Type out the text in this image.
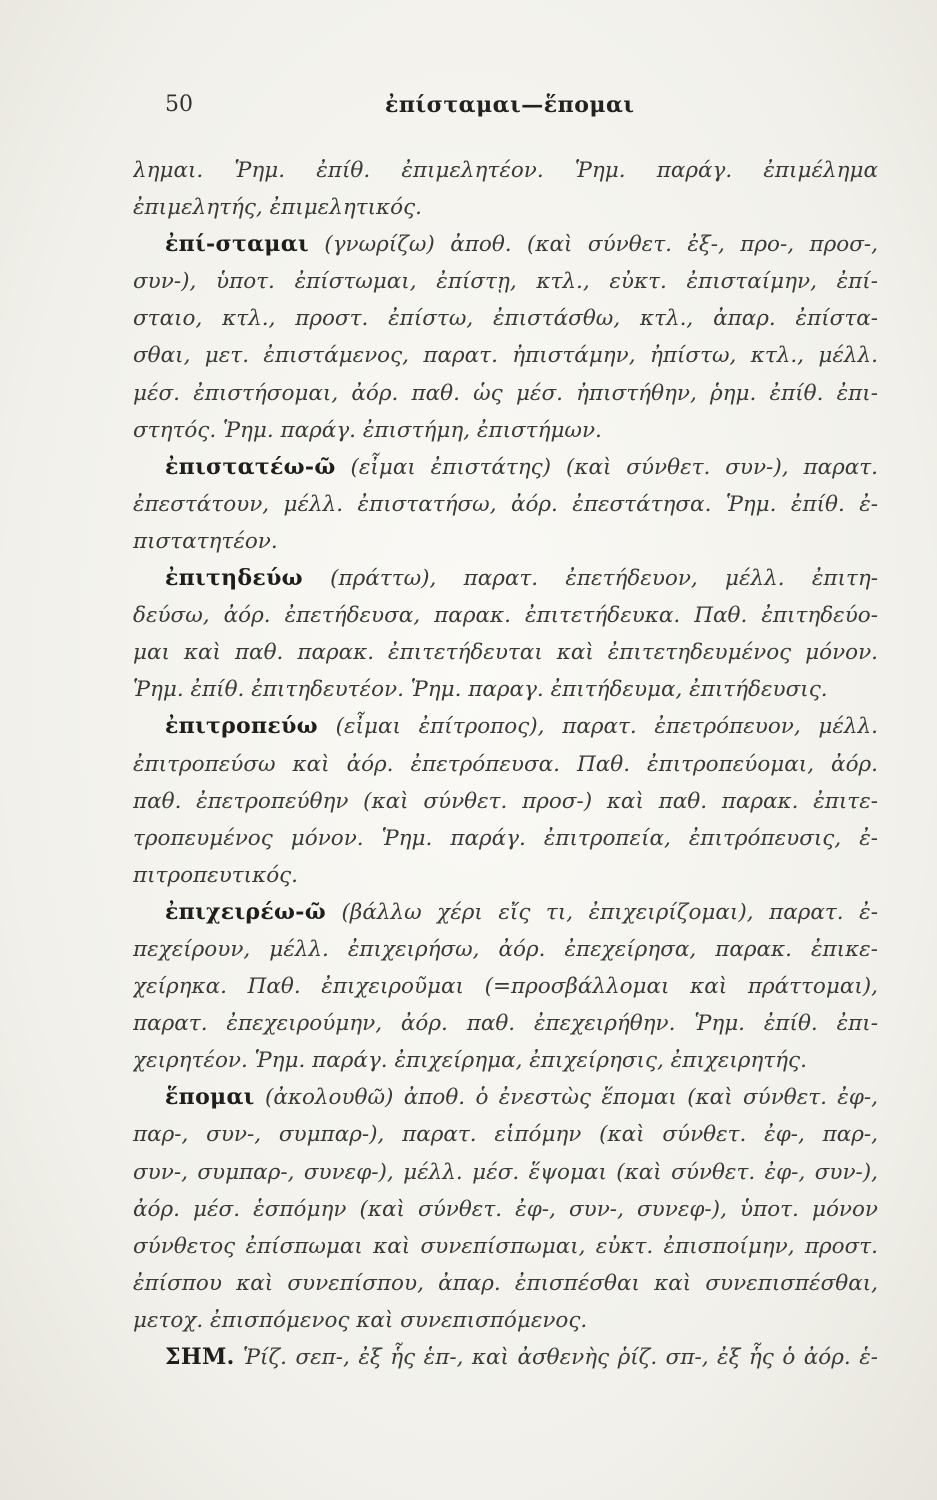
50	ἐπίσταμαι—ἕπομαι
λημαι. Ῥημ. ἐπίθ. ἐπιμελητέον. Ῥημ. παράγ. ἐπιμέλημα
ἐπιμελητής, ἐπιμελητικός.
ἐπί-σταμαι (γνωρίζω) ἀποθ. (καὶ σύνθετ. ἐξ-, προ-, προσ-,
συν-), ὑποτ. ἐπίστωμαι, ἐπίστῃ, κτλ., εὐκτ. ἐπισταίμην, ἐπί-
σταιο, κτλ., προστ. ἐπίστω, ἐπιστάσθω, κτλ., ἀπαρ. ἐπίστα-
σθαι, μετ. ἐπιστάμενος, παρατ. ἠπιστάμην, ἠπίστω, κτλ., μέλλ.
μέσ. ἐπιστήσομαι, ἀόρ. παθ. ὡς μέσ. ἠπιστήθην, ῥημ. ἐπίθ. ἐπι-
στητός. Ῥημ. παράγ. ἐπιστήμη, ἐπιστήμων.
ἐπιστατέω-ῶ (εἶμαι ἐπιστάτης) (καὶ σύνθετ. συν-), παρατ.
ἐπεστάτουν, μέλλ. ἐπιστατήσω, ἀόρ. ἐπεστάτησα. Ῥημ. ἐπίθ. ἐ-
πιστατητέον.
ἐπιτηδεύω (πράττω), παρατ. ἐπετήδευον, μέλλ. ἐπιτη-
δεύσω, ἀόρ. ἐπετήδευσα, παρακ. ἐπιτετήδευκα. Παθ. ἐπιτηδεύο-
μαι καὶ παθ. παρακ. ἐπιτετήδευται καὶ ἐπιτετηδευμένος μόνον.
Ῥημ. ἐπίθ. ἐπιτηδευτέον. Ῥημ. παραγ. ἐπιτήδευμα, ἐπιτήδευσις.
ἐπιτροπεύω (εἶμαι ἐπίτροπος), παρατ. ἐπετρόπευον, μέλλ.
ἐπιτροπεύσω καὶ ἀόρ. ἐπετρόπευσα. Παθ. ἐπιτροπεύομαι, ἀόρ.
παθ. ἐπετροπεύθην (καὶ σύνθετ. προσ-) καὶ παθ. παρακ. ἐπιτε-
τροπευμένος μόνον. Ῥημ. παράγ. ἐπιτροπεία, ἐπιτρόπευσις, ἐ-
πιτροπευτικός.
ἐπιχειρέω-ῶ (βάλλω χέρι εἴς τι, ἐπιχειρίζομαι), παρατ. ἐ-
πεχείρουν, μέλλ. ἐπιχειρήσω, ἀόρ. ἐπεχείρησα, παρακ. ἐπικε-
χείρηκα. Παθ. ἐπιχειροῦμαι (=προσβάλλομαι καὶ πράττομαι),
παρατ. ἐπεχειρούμην, ἀόρ. παθ. ἐπεχειρήθην. Ῥημ. ἐπίθ. ἐπι-
χειρητέον. Ῥημ. παράγ. ἐπιχείρημα, ἐπιχείρησις, ἐπιχειρητής.
ἕπομαι (ἀκολουθῶ) ἀποθ. ὁ ἐνεστὼς ἕπομαι (καὶ σύνθετ. ἐφ-,
παρ-, συν-, συμπαρ-), παρατ. εἱπόμην (καὶ σύνθετ. ἐφ-, παρ-,
συν-, συμπαρ-, συνεφ-), μέλλ. μέσ. ἕψομαι (καὶ σύνθετ. ἐφ-, συν-),
ἀόρ. μέσ. ἑσπόμην (καὶ σύνθετ. ἐφ-, συν-, συνεφ-), ὑποτ. μόνον
σύνθετος ἐπίσπωμαι καὶ συνεπίσπωμαι, εὐκτ. ἐπισποίμην, προστ.
ἐπίσπου καὶ συνεπίσπου, ἀπαρ. ἐπισπέσθαι καὶ συνεπισπέσθαι,
μετοχ. ἐπισπόμενος καὶ συνεπισπόμενος.
ΣΗΜ. Ῥίζ. σεπ-, ἐξ ἧς ἑπ-, καὶ ἀσθενὴς ῥίζ. σπ-, ἐξ ἧς ὁ ἀόρ. ἑ-
